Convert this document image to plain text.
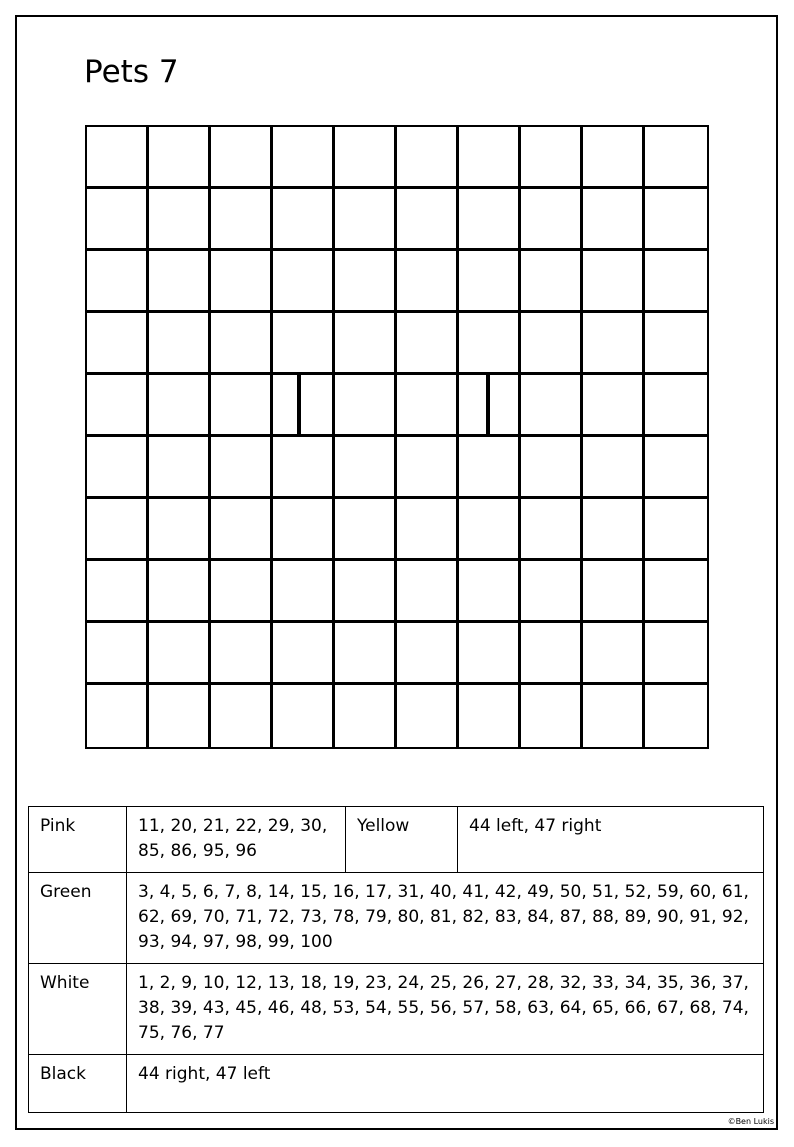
Pets 7
Pink	11, 20, 21, 22, 29, 30, 85, 86, 95, 96	Yellow	44 left, 47 right
Green	3, 4, 5, 6, 7, 8, 14, 15, 16, 17, 31, 40, 41, 42, 49, 50, 51, 52, 59, 60, 61, 62, 69, 70, 71, 72, 73, 78, 79, 80, 81, 82, 83, 84, 87, 88, 89, 90, 91, 92, 93, 94, 97, 98, 99, 100		
White	1, 2, 9, 10, 12, 13, 18, 19, 23, 24, 25, 26, 27, 28, 32, 33, 34, 35, 36, 37, 38, 39, 43, 45, 46, 48, 53, 54, 55, 56, 57, 58, 63, 64, 65, 66, 67, 68, 74, 75, 76, 77		
Black	44 right, 47 left		
©Ben Lukis
